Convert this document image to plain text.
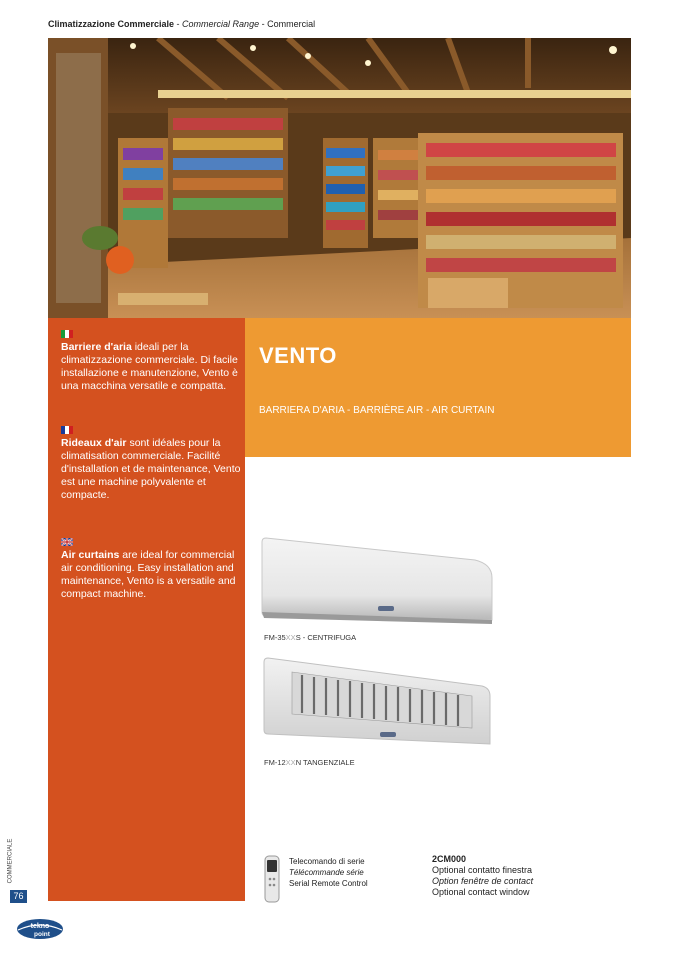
Climatizzazione Commerciale - Commercial Range - Commercial
Barriere d'aria ideali per la climatizzazione commerciale. Di facile installazione e manutenzione, Vento è una macchina versatile e compatta.
Rideaux d'air sont idéales pour la climatisation commerciale. Facilité d'installation et de maintenance, Vento est une machine polyvalente et compacte.
Air curtains are ideal for commercial air conditioning. Easy installation and maintenance, Vento is a versatile and compact machine.
VENTO
BARRIERA D'ARIA - BARRIÈRE AIR - AIR CURTAIN
FM-35XXS - CENTRIFUGA
FM-12XXN TANGENZIALE
Telecomando di serie
Télécommande série
Serial Remote Control
2CM000
Optional contatto finestra
Option fenêtre de contact
Optional contact window
COMMERCIALE
76
tekno
point
